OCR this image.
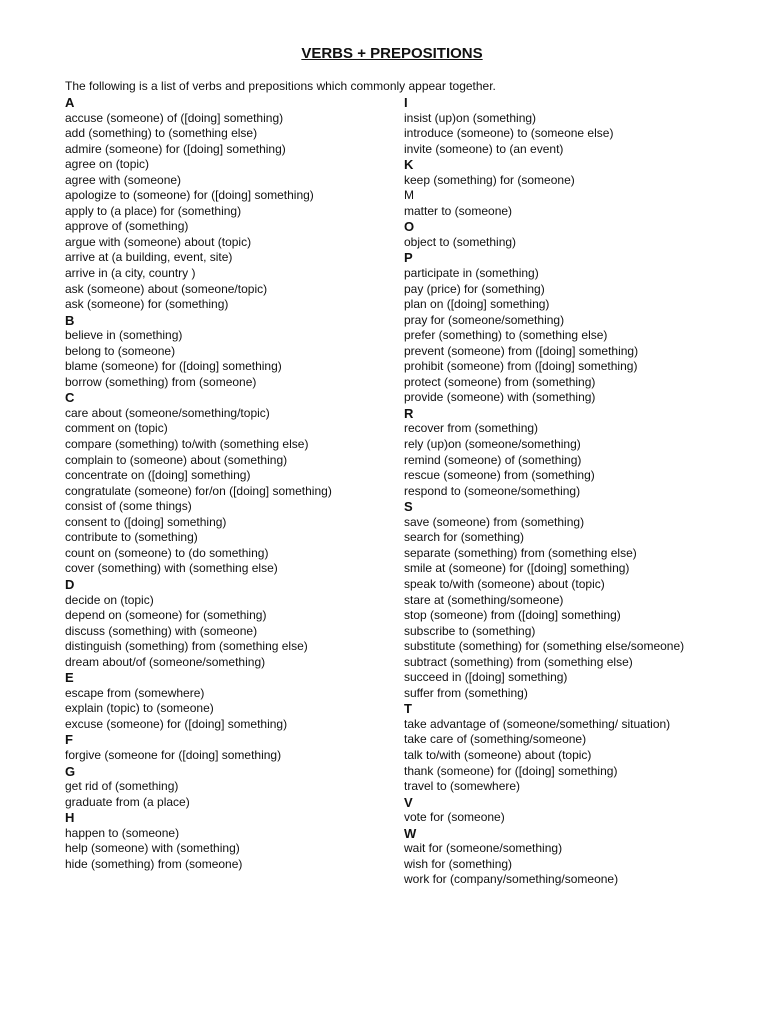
VERBS + PREPOSITIONS
The following is a list of verbs and prepositions which commonly appear together.
A
accuse (someone) of ([doing] something)
add (something) to (something else)
admire (someone) for ([doing] something)
agree on (topic)
agree with (someone)
apologize to (someone) for ([doing] something)
apply to (a place) for (something)
approve of (something)
argue with (someone) about (topic)
arrive at (a building, event, site)
arrive in (a city, country )
ask (someone) about (someone/topic)
ask (someone) for (something)
B
believe in (something)
belong to (someone)
blame (someone) for ([doing] something)
borrow (something) from (someone)
C
care about (someone/something/topic)
comment on (topic)
compare (something) to/with (something else)
complain to (someone) about (something)
concentrate on ([doing] something)
congratulate (someone) for/on ([doing] something)
consist of (some things)
consent to ([doing] something)
contribute to (something)
count on (someone) to (do something)
cover (something) with (something else)
D
decide on (topic)
depend on (someone) for (something)
discuss (something) with (someone)
distinguish (something) from (something else)
dream about/of (someone/something)
E
escape from (somewhere)
explain (topic) to (someone)
excuse (someone) for ([doing] something)
F
forgive (someone for ([doing] something)
G
get rid of (something)
graduate from (a place)
H
happen to (someone)
help (someone) with (something)
hide (something) from (someone)
I
insist (up)on (something)
introduce (someone) to (someone else)
invite (someone) to (an event)
K
keep (something) for (someone)
M
matter to (someone)
O
object to (something)
P
participate in (something)
pay (price) for (something)
plan on ([doing] something)
pray for (someone/something)
prefer (something) to (something else)
prevent (someone) from ([doing] something)
prohibit (someone) from ([doing] something)
protect (someone) from (something)
provide (someone) with (something)
R
recover from (something)
rely (up)on (someone/something)
remind (someone) of (something)
rescue (someone) from (something)
respond to (someone/something)
S
save (someone) from (something)
search for (something)
separate (something) from (something else)
smile at (someone) for ([doing] something)
speak to/with (someone) about (topic)
stare at (something/someone)
stop (someone) from ([doing] something)
subscribe to (something)
substitute (something) for (something else/someone)
subtract (something) from (something else)
succeed in ([doing] something)
suffer from (something)
T
take advantage of (someone/something/ situation)
take care of (something/someone)
talk to/with (someone) about (topic)
thank (someone) for ([doing] something)
travel to (somewhere)
V
vote for (someone)
W
wait for (someone/something)
wish for (something)
work for (company/something/someone)
